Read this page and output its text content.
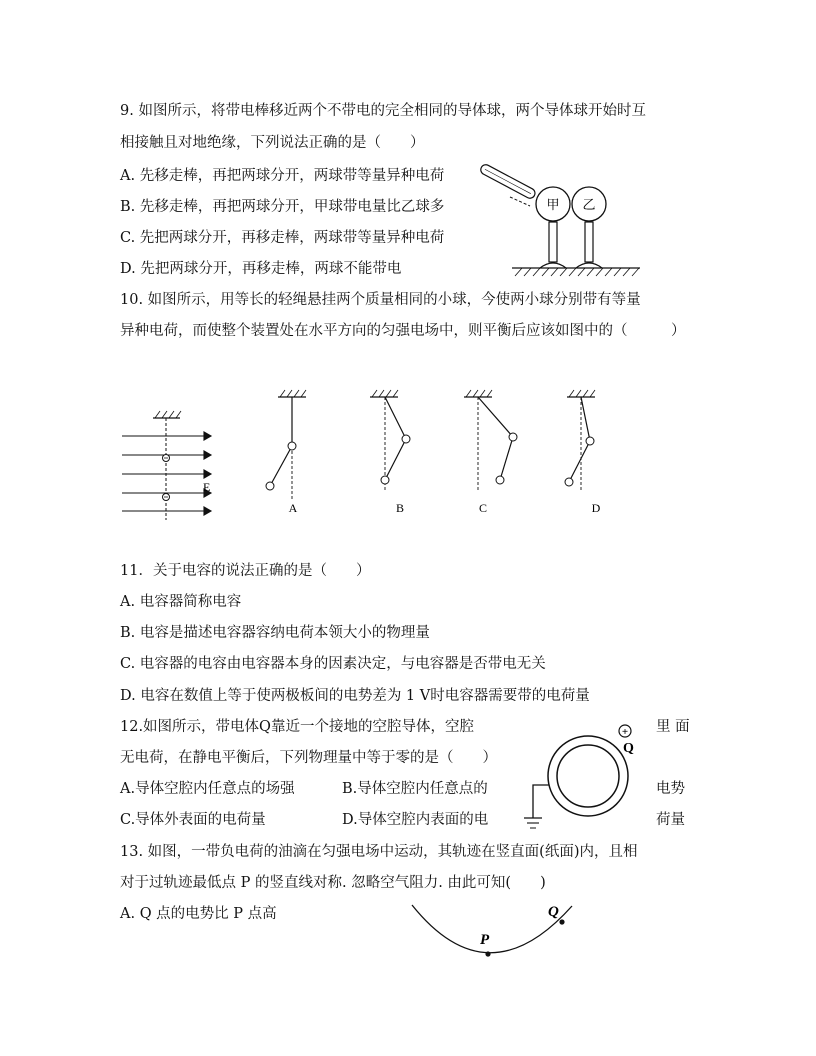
9. 如图所示，将带电棒移近两个不带电的完全相同的导体球，两个导体球开始时互
相接触且对地绝缘，下列说法正确的是（　　）
A. 先移走棒，再把两球分开，两球带等量异种电荷
B. 先移走棒，再把两球分开，甲球带电量比乙球多
C. 先把两球分开，再移走棒，两球带等量异种电荷
D. 先把两球分开，再移走棒，两球不能带电
甲 乙
10. 如图所示，用等长的轻绳悬挂两个质量相同的小球，今使两小球分别带有等量
异种电荷，而使整个装置处在水平方向的匀强电场中，则平衡后应该如图中的（　　　）
E
A	B	C	D
11．关于电容的说法正确的是（　　）
A. 电容器简称电容
B. 电容是描述电容器容纳电荷本领大小的物理量
C. 电容器的电容由电容器本身的因素决定，与电容器是否带电无关
D. 电容在数值上等于使两极板间的电势差为 1 V时电容器需要带的电荷量
12.如图所示，带电体Q靠近一个接地的空腔导体，空腔	里 面
无电荷，在静电平衡后，下列物理量中等于零的是（　　）
A.导体空腔内任意点的场强	B.导体空腔内任意点的	电势
C.导体外表面的电荷量	D.导体空腔内表面的电	荷量
+
Q
13. 如图，一带负电荷的油滴在匀强电场中运动，其轨迹在竖直面(纸面)内，且相
对于过轨迹最低点 P 的竖直线对称. 忽略空气阻力. 由此可知(　　)
A. Q 点的电势比 P 点高
P
Q
